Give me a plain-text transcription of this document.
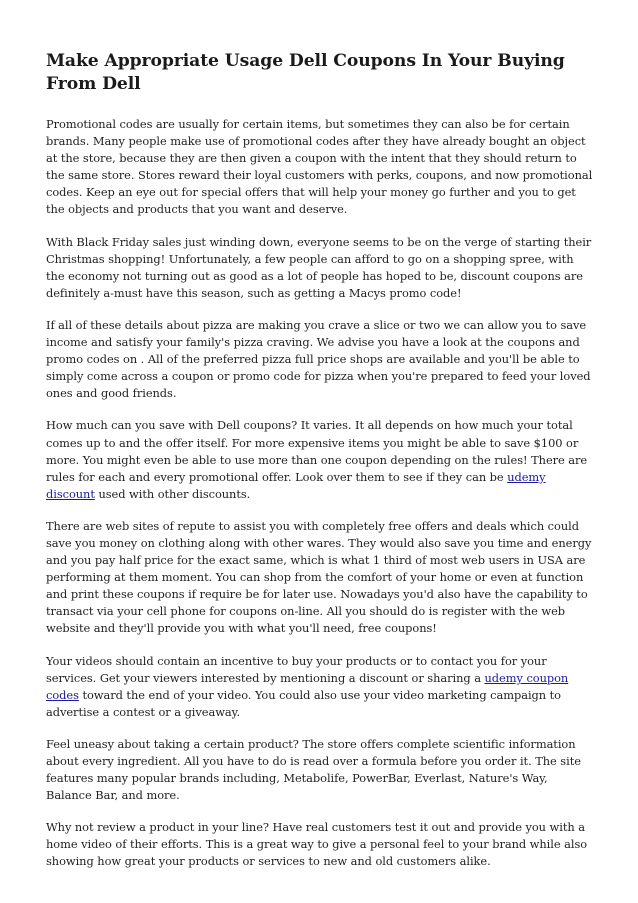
Make Appropriate Usage Dell Coupons In Your Buying From Dell

Promotional codes are usually for certain items, but sometimes they can also be for certain brands. Many people make use of promotional codes after they have already bought an object at the store, because they are then given a coupon with the intent that they should return to the same store. Stores reward their loyal customers with perks, coupons, and now promotional codes. Keep an eye out for special offers that will help your money go further and you to get the objects and products that you want and deserve.

With Black Friday sales just winding down, everyone seems to be on the verge of starting their Christmas shopping! Unfortunately, a few people can afford to go on a shopping spree, with the economy not turning out as good as a lot of people has hoped to be, discount coupons are definitely a-must have this season, such as getting a Macys promo code!

If all of these details about pizza are making you crave a slice or two we can allow you to save income and satisfy your family's pizza craving. We advise you have a look at the coupons and promo codes on . All of the preferred pizza full price shops are available and you'll be able to simply come across a coupon or promo code for pizza when you're prepared to feed your loved ones and good friends.

How much can you save with Dell coupons? It varies. It all depends on how much your total comes up to and the offer itself. For more expensive items you might be able to save $100 or more. You might even be able to use more than one coupon depending on the rules! There are rules for each and every promotional offer. Look over them to see if they can be udemy discount used with other discounts.

There are web sites of repute to assist you with completely free offers and deals which could save you money on clothing along with other wares. They would also save you time and energy and you pay half price for the exact same, which is what 1 third of most web users in USA are performing at them moment. You can shop from the comfort of your home or even at function and print these coupons if require be for later use. Nowadays you'd also have the capability to transact via your cell phone for coupons on-line. All you should do is register with the web website and they'll provide you with what you'll need, free coupons!

Your videos should contain an incentive to buy your products or to contact you for your services. Get your viewers interested by mentioning a discount or sharing a udemy coupon codes toward the end of your video. You could also use your video marketing campaign to advertise a contest or a giveaway.

Feel uneasy about taking a certain product? The store offers complete scientific information about every ingredient. All you have to do is read over a formula before you order it. The site features many popular brands including, Metabolife, PowerBar, Everlast, Nature's Way, Balance Bar, and more.

Why not review a product in your line? Have real customers test it out and provide you with a home video of their efforts. This is a great way to give a personal feel to your brand while also showing how great your products or services to new and old customers alike.
